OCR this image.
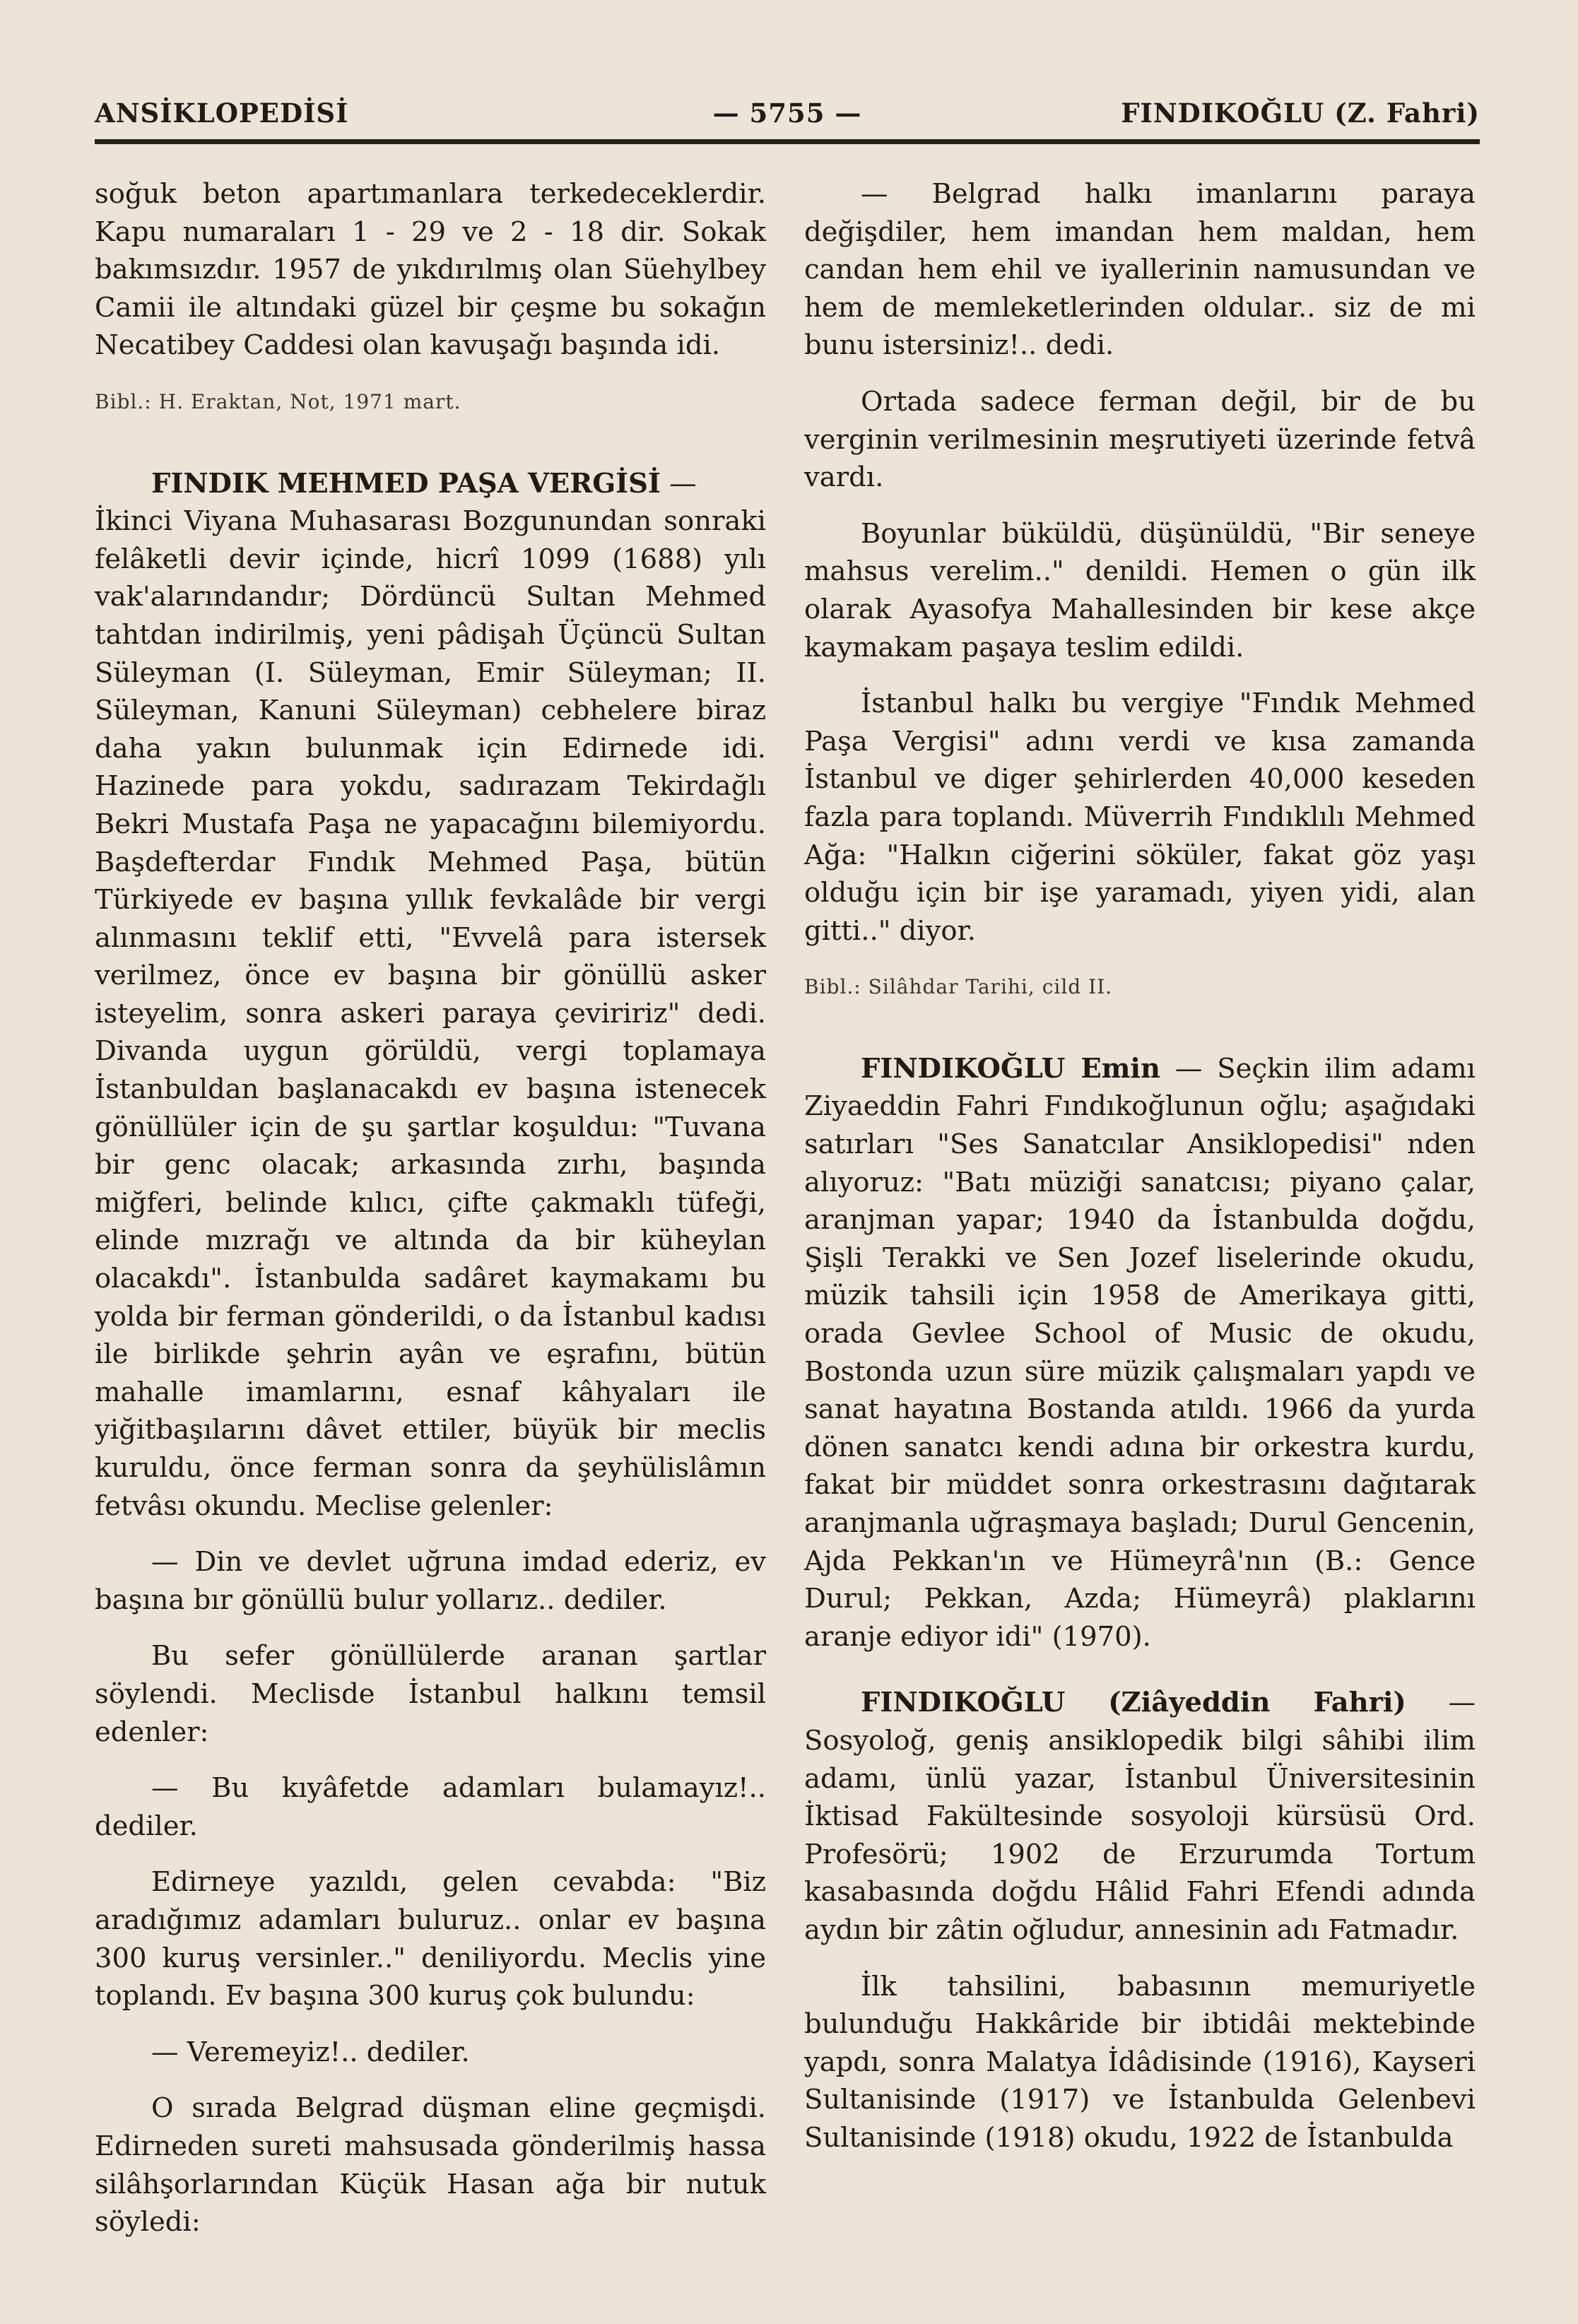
ANSİKLOPEDİSİ	— 5755 —	FINDIKOĞLU (Z. Fahri)

soğuk beton apartımanlara terkedeceklerdir. Kapu numaraları 1 - 29 ve 2 - 18 dir. Sokak bakımsızdır. 1957 de yıkdırılmış olan Süehylbey Camii ile altındaki güzel bir çeşme bu sokağın Necatibey Caddesi olan kavuşağı başında idi.

Bibl.: H. Eraktan, Not, 1971 mart.

FINDIK MEHMED PAŞA VERGİSİ —
İkinci Viyana Muhasarası Bozgunundan sonraki felâketli devir içinde, hicrî 1099 (1688) yılı vak'alarındandır; Dördüncü Sultan Mehmed tahtdan indirilmiş, yeni pâdişah Üçüncü Sultan Süleyman (I. Süleyman, Emir Süleyman; II. Süleyman, Kanuni Süleyman) cebhelere biraz daha yakın bulunmak için Edirnede idi. Hazinede para yokdu, sadırazam Tekirdağlı Bekri Mustafa Paşa ne yapacağını bilemiyordu. Başdefterdar Fındık Mehmed Paşa, bütün Türkiyede ev başına yıllık fevkalâde bir vergi alınmasını teklif etti, "Evvelâ para istersek verilmez, önce ev başına bir gönüllü asker isteyelim, sonra askeri paraya çeviririz" dedi. Divanda uygun görüldü, vergi toplamaya İstanbuldan başlanacakdı ev başına istenecek gönüllüler için de şu şartlar koşulduı: "Tuvana bir genc olacak; arkasında zırhı, başında miğferi, belinde kılıcı, çifte çakmaklı tüfeği, elinde mızrağı ve altında da bir küheylan olacakdı". İstanbulda sadâret kaymakamı bu yolda bir ferman gönderildi, o da İstanbul kadısı ile birlikde şehrin ayân ve eşrafını, bütün mahalle imamlarını, esnaf kâhyaları ile yiğitbaşılarını dâvet ettiler, büyük bir meclis kuruldu, önce ferman sonra da şeyhülislâmın fetvâsı okundu. Meclise gelenler:

— Din ve devlet uğruna imdad ederiz, ev başına bır gönüllü bulur yollarız.. dediler.

Bu sefer gönüllülerde aranan şartlar söylendi. Meclisde İstanbul halkını temsil edenler:

— Bu kıyâfetde adamları bulamayız!.. dediler.

Edirneye yazıldı, gelen cevabda: "Biz aradığımız adamları buluruz.. onlar ev başına 300 kuruş versinler.." deniliyordu. Meclis yine toplandı. Ev başına 300 kuruş çok bulundu:

— Veremeyiz!.. dediler.

O sırada Belgrad düşman eline geçmişdi. Edirneden sureti mahsusada gönderilmiş hassa silâhşorlarından Küçük Hasan ağa bir nutuk söyledi:

— Belgrad halkı imanlarını paraya değişdiler, hem imandan hem maldan, hem candan hem ehil ve iyallerinin namusundan ve hem de memleketlerinden oldular.. siz de mi bunu istersiniz!.. dedi.

Ortada sadece ferman değil, bir de bu verginin verilmesinin meşrutiyeti üzerinde fetvâ vardı.

Boyunlar büküldü, düşünüldü, "Bir seneye mahsus verelim.." denildi. Hemen o gün ilk olarak Ayasofya Mahallesinden bir kese akçe kaymakam paşaya teslim edildi.

İstanbul halkı bu vergiye "Fındık Mehmed Paşa Vergisi" adını verdi ve kısa zamanda İstanbul ve diger şehirlerden 40,000 keseden fazla para toplandı. Müverrih Fındıklılı Mehmed Ağa: "Halkın ciğerini söküler, fakat göz yaşı olduğu için bir işe yaramadı, yiyen yidi, alan gitti.." diyor.

Bibl.: Silâhdar Tarihi, cild II.

FINDIKOĞLU Emin — Seçkin ilim adamı Ziyaeddin Fahri Fındıkoğlunun oğlu; aşağıdaki satırları "Ses Sanatcılar Ansiklopedisi" nden alıyoruz: "Batı müziği sanatcısı; piyano çalar, aranjman yapar; 1940 da İstanbulda doğdu, Şişli Terakki ve Sen Jozef liselerinde okudu, müzik tahsili için 1958 de Amerikaya gitti, orada Gevlee School of Music de okudu, Bostonda uzun süre müzik çalışmaları yapdı ve sanat hayatına Bostanda atıldı. 1966 da yurda dönen sanatcı kendi adına bir orkestra kurdu, fakat bir müddet sonra orkestrasını dağıtarak aranjmanla uğraşmaya başladı; Durul Gencenin, Ajda Pekkan'ın ve Hümeyrâ'nın (B.: Gence Durul; Pekkan, Azda; Hümeyrâ) plaklarını aranje ediyor idi" (1970).

FINDIKOĞLU (Ziâyeddin Fahri) — Sosyoloğ, geniş ansiklopedik bilgi sâhibi ilim adamı, ünlü yazar, İstanbul Üniversitesinin İktisad Fakültesinde sosyoloji kürsüsü Ord. Profesörü; 1902 de Erzurumda Tortum kasabasında doğdu Hâlid Fahri Efendi adında aydın bir zâtin oğludur, annesinin adı Fatmadır.

İlk tahsilini, babasının memuriyetle bulunduğu Hakkâride bir ibtidâi mektebinde yapdı, sonra Malatya İdâdisinde (1916), Kayseri Sultanisinde (1917) ve İstanbulda Gelenbevi Sultanisinde (1918) okudu, 1922 de İstanbulda
